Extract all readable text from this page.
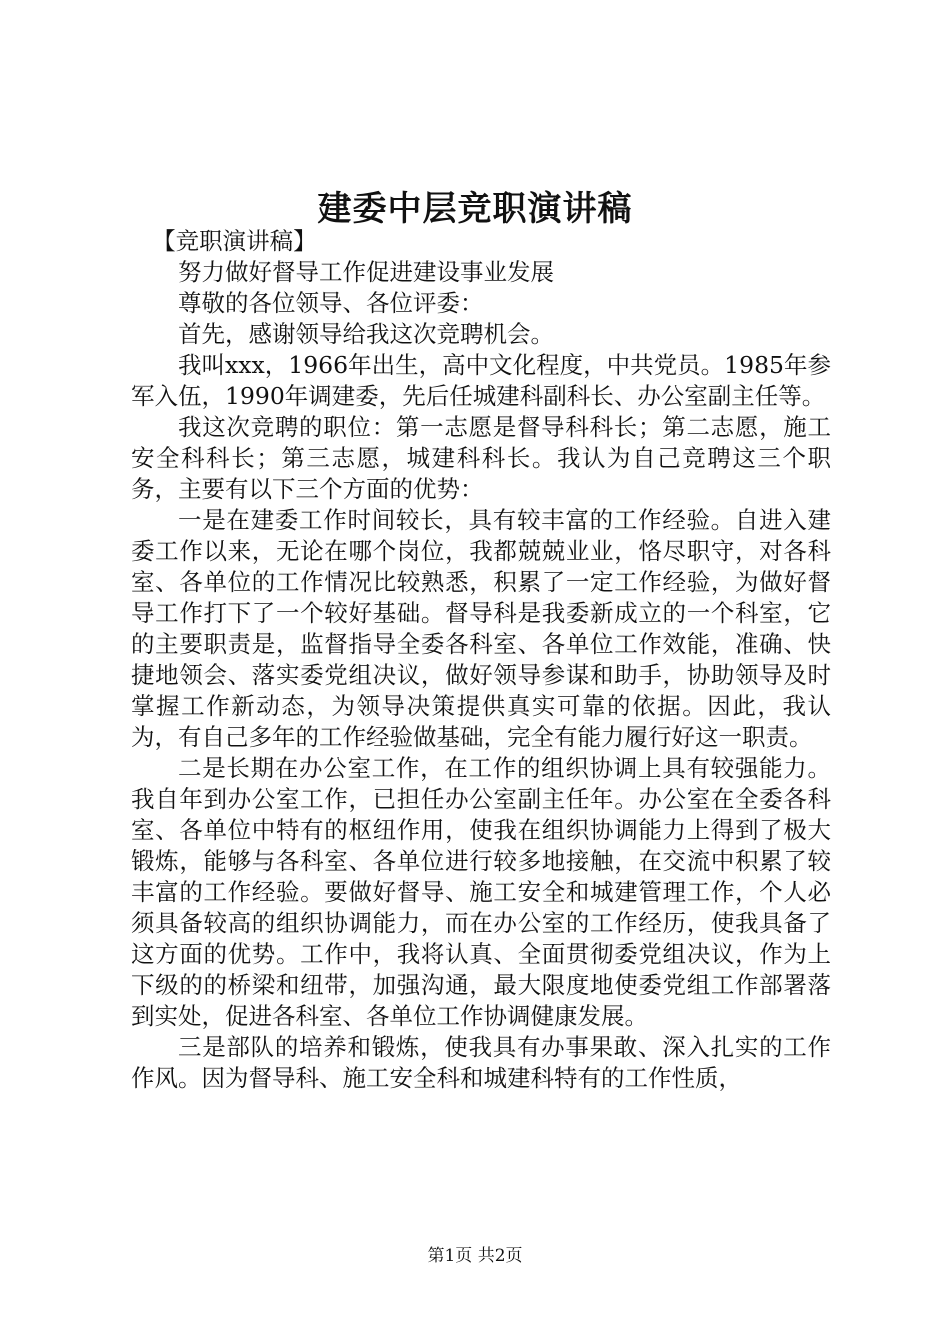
建委中层竞职演讲稿

【竞职演讲稿】

努力做好督导工作促进建设事业发展

尊敬的各位领导、各位评委：

首先，感谢领导给我这次竞聘机会。

我叫xxx，1966年出生，高中文化程度，中共党员。1985年参军入伍，1990年调建委，先后任城建科副科长、办公室副主任等。

我这次竞聘的职位：第一志愿是督导科科长；第二志愿，施工安全科科长；第三志愿，城建科科长。我认为自己竞聘这三个职务，主要有以下三个方面的优势：

一是在建委工作时间较长，具有较丰富的工作经验。自进入建委工作以来，无论在哪个岗位，我都兢兢业业，恪尽职守，对各科室、各单位的工作情况比较熟悉，积累了一定工作经验，为做好督导工作打下了一个较好基础。督导科是我委新成立的一个科室，它的主要职责是，监督指导全委各科室、各单位工作效能，准确、快捷地领会、落实委党组决议，做好领导参谋和助手，协助领导及时掌握工作新动态，为领导决策提供真实可靠的依据。因此，我认为，有自己多年的工作经验做基础，完全有能力履行好这一职责。

二是长期在办公室工作，在工作的组织协调上具有较强能力。我自年到办公室工作，已担任办公室副主任年。办公室在全委各科室、各单位中特有的枢纽作用，使我在组织协调能力上得到了极大锻炼，能够与各科室、各单位进行较多地接触，在交流中积累了较丰富的工作经验。要做好督导、施工安全和城建管理工作，个人必须具备较高的组织协调能力，而在办公室的工作经历，使我具备了这方面的优势。工作中，我将认真、全面贯彻委党组决议，作为上下级的的桥梁和纽带，加强沟通，最大限度地使委党组工作部署落到实处，促进各科室、各单位工作协调健康发展。

三是部队的培养和锻炼，使我具有办事果敢、深入扎实的工作作风。因为督导科、施工安全科和城建科特有的工作性质，

第1页 共2页
